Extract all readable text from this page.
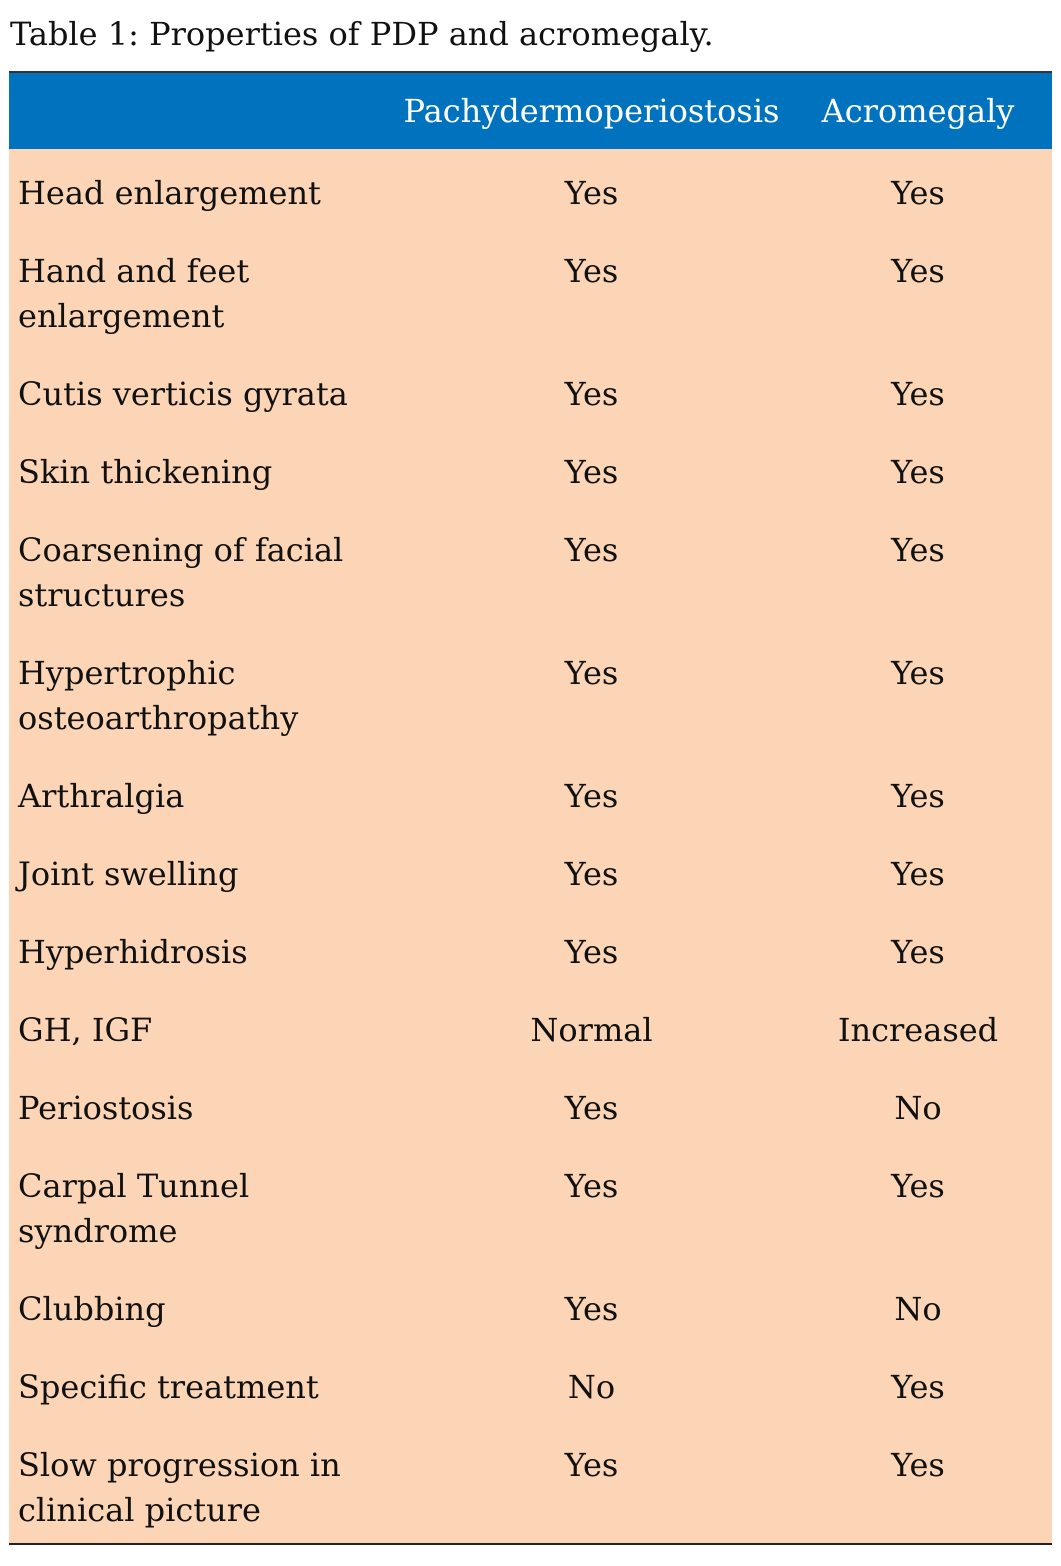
Table 1: Properties of PDP and acromegaly.
	Pachydermoperiostosis	Acromegaly
Head enlargement	Yes	Yes
Hand and feet enlargement	Yes	Yes
Cutis verticis gyrata	Yes	Yes
Skin thickening	Yes	Yes
Coarsening of facial structures	Yes	Yes
Hypertrophic osteoarthropathy	Yes	Yes
Arthralgia	Yes	Yes
Joint swelling	Yes	Yes
Hyperhidrosis	Yes	Yes
GH, IGF	Normal	Increased
Periostosis	Yes	No
Carpal Tunnel syndrome	Yes	Yes
Clubbing	Yes	No
Specific treatment	No	Yes
Slow progression in clinical picture	Yes	Yes
